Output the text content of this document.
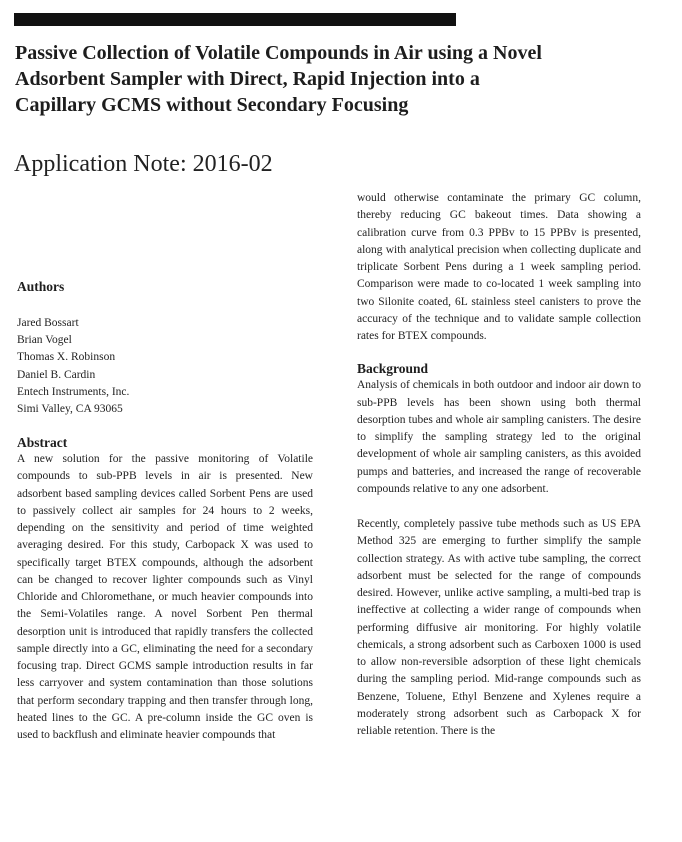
Passive Collection of Volatile Compounds in Air using a Novel
Adsorbent Sampler with Direct, Rapid Injection into a
Capillary GCMS without Secondary Focusing
Application Note: 2016-02
Authors
Jared Bossart
Brian Vogel
Thomas X. Robinson
Daniel B. Cardin
Entech Instruments, Inc.
Simi Valley, CA 93065
Abstract

A new solution for the passive monitoring of Volatile compounds to sub-PPB levels in air is presented. New adsorbent based sampling devices called Sorbent Pens are used to passively collect air samples for 24 hours to 2 weeks, depending on the sensitivity and period of time weighted averaging desired. For this study, Carbopack X was used to specifically target BTEX compounds, although the adsorbent can be changed to recover lighter compounds such as Vinyl Chloride and Chloromethane, or much heavier compounds into the Semi-Volatiles range. A novel Sorbent Pen thermal desorption unit is introduced that rapidly transfers the collected sample directly into a GC, eliminating the need for a secondary focusing trap. Direct GCMS sample introduction results in far less carryover and system contamination than those solutions that perform secondary trapping and then transfer through long, heated lines to the GC. A pre-column inside the GC oven is used to backflush and eliminate heavier compounds that

would otherwise contaminate the primary GC column, thereby reducing GC bakeout times. Data showing a calibration curve from 0.3 PPBv to 15 PPBv is presented, along with analytical precision when collecting duplicate and triplicate Sorbent Pens during a 1 week sampling period. Comparison were made to co-located 1 week sampling into two Silonite coated, 6L stainless steel canisters to prove the accuracy of the technique and to validate sample collection rates for BTEX compounds.

Background

Analysis of chemicals in both outdoor and indoor air down to sub-PPB levels has been shown using both thermal desorption tubes and whole air sampling canisters. The desire to simplify the sampling strategy led to the original development of whole air sampling canisters, as this avoided pumps and batteries, and increased the range of recoverable compounds relative to any one adsorbent.

Recently, completely passive tube methods such as US EPA Method 325 are emerging to further simplify the sample collection strategy. As with active tube sampling, the correct adsorbent must be selected for the range of compounds desired. However, unlike active sampling, a multi-bed trap is ineffective at collecting a wider range of compounds when performing diffusive air monitoring. For highly volatile chemicals, a strong adsorbent such as Carboxen 1000 is used to allow non-reversible adsorption of these light chemicals during the sampling period. Mid-range compounds such as Benzene, Toluene, Ethyl Benzene and Xylenes require a moderately strong adsorbent such as Carbopack X for reliable retention. There is the
